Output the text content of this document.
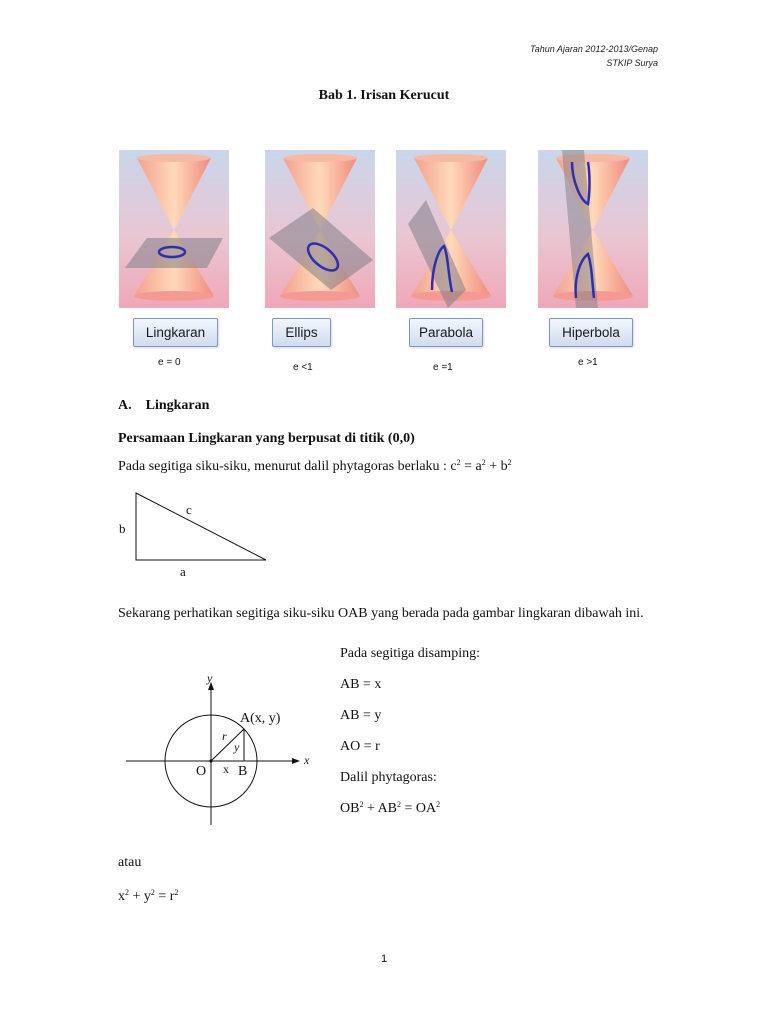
Tahun Ajaran 2012-2013/Genap
STKIP Surya
Bab 1. Irisan Kerucut
Lingkaran	Ellips	Parabola	Hiperbola
e = 0	e <1	e =1	e >1
A. Lingkaran
Persamaan Lingkaran yang berpusat di titik (0,0)
Pada segitiga siku-siku, menurut dalil phytagoras berlaku : $c^2 = a^2 + b^2$
b
c
a
Sekarang perhatikan segitiga siku-siku OAB yang berada pada gambar lingkaran dibawah ini.
y
x
A(x, y)
r
y
O x B
Pada segitiga disamping:
AB = x
AB = y
AO = r
Dalil phytagoras:
$OB^2 + AB^2 = OA^2$
atau
$x^2 + y^2 = r^2$
1
